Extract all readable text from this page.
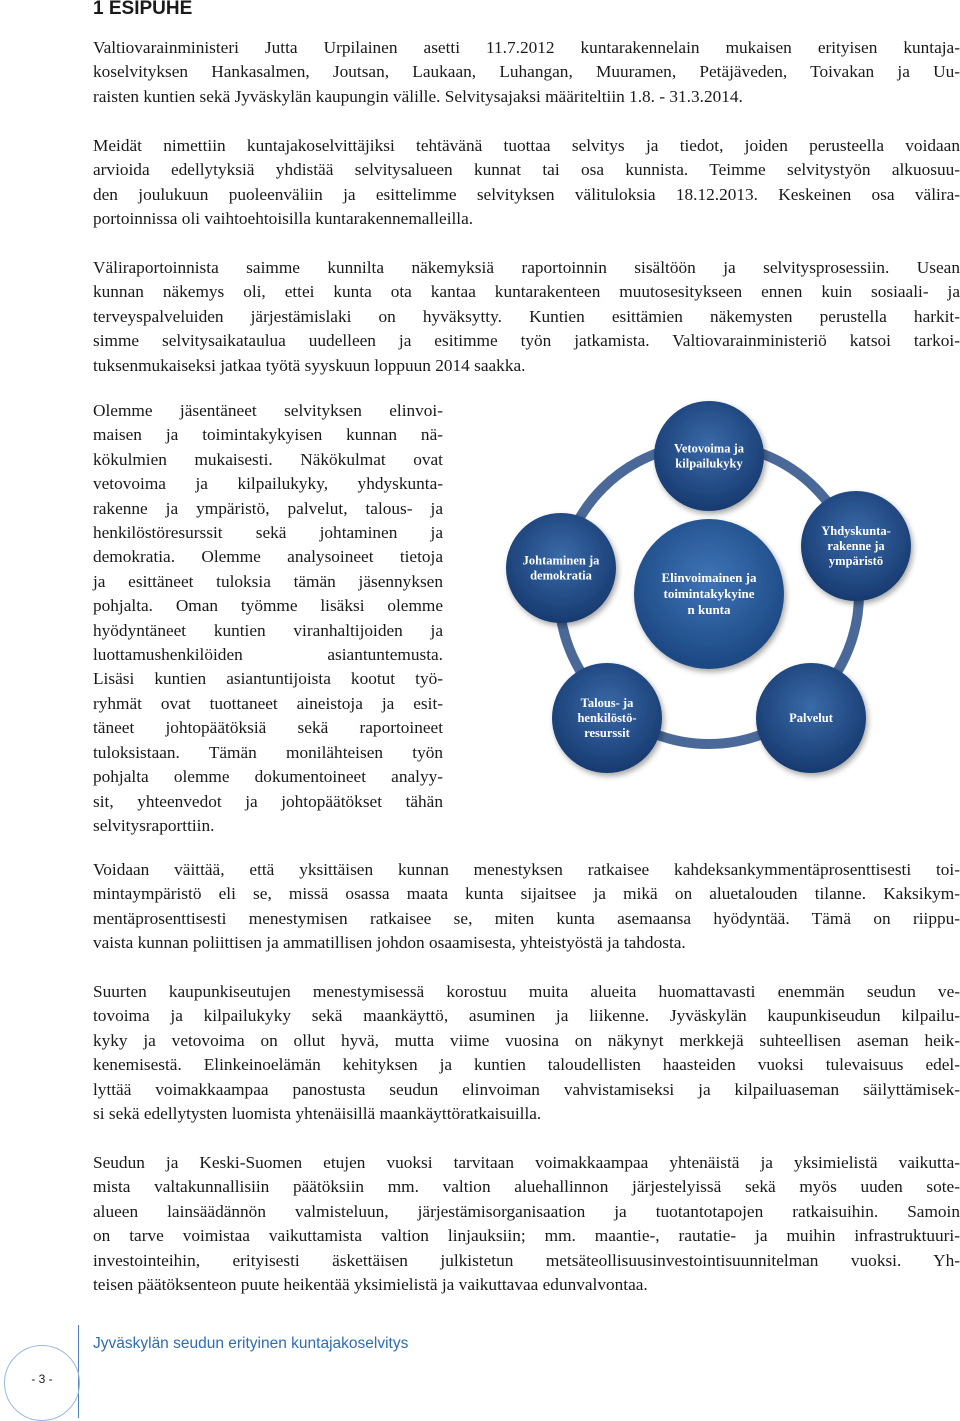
1 ESIPUHE

Valtiovarainministeri Jutta Urpilainen asetti 11.7.2012 kuntarakennelain mukaisen erityisen kuntaja-
koselvityksen Hankasalmen, Joutsan, Laukaan, Luhangan, Muuramen, Petäjäveden, Toivakan ja Uu-
raisten kuntien sekä Jyväskylän kaupungin välille. Selvitysajaksi määriteltiin 1.8. - 31.3.2014.

Meidät nimettiin kuntajakoselvittäjiksi tehtävänä tuottaa selvitys ja tiedot, joiden perusteella voidaan
arvioida edellytyksiä yhdistää selvitysalueen kunnat tai osa kunnista. Teimme selvitystyön alkuosuu-
den joulukuun puoleenväliin ja esittelimme selvityksen välituloksia 18.12.2013. Keskeinen osa välira-
portoinnissa oli vaihtoehtoisilla kuntarakennemalleilla.

Väliraportoinnista saimme kunnilta näkemyksiä raportoinnin sisältöön ja selvitysprosessiin. Usean
kunnan näkemys oli, ettei kunta ota kantaa kuntarakenteen muutosesitykseen ennen kuin sosiaali- ja
terveyspalveluiden järjestämislaki on hyväksytty. Kuntien esittämien näkemysten perustella harkit-
simme selvitysaikataulua uudelleen ja esitimme työn jatkamista. Valtiovarainministeriö katsoi tarkoi-
tuksenmukaiseksi jatkaa työtä syyskuun loppuun 2014 saakka.

Olemme jäsentäneet selvityksen elinvoi-
maisen ja toimintakykyisen kunnan nä-
kökulmien mukaisesti. Näkökulmat ovat
vetovoima ja kilpailukyky, yhdyskunta-
rakenne ja ympäristö, palvelut, talous- ja
henkilöstöresurssit sekä johtaminen ja
demokratia. Olemme analysoineet tietoja
ja esittäneet tuloksia tämän jäsennyksen
pohjalta. Oman työmme lisäksi olemme
hyödyntäneet kuntien viranhaltijoiden ja
luottamushenkilöiden asiantuntemusta.
Lisäsi kuntien asiantuntijoista kootut työ-
ryhmät ovat tuottaneet aineistoja ja esit-
täneet johtopäätöksiä sekä raportoineet
tuloksistaan. Tämän monilähteisen työn
pohjalta olemme dokumentoineet analyy-
sit, yhteenvedot ja johtopäätökset tähän
selvitysraporttiin.

Elinvoimainen ja toimintakykyine n kunta
Vetovoima ja kilpailukyky
Yhdyskunta-rakenne ja ympäristö
Palvelut
Talous- ja henkilöstö-resurssit
Johtaminen ja demokratia

Voidaan väittää, että yksittäisen kunnan menestyksen ratkaisee kahdeksankymmentäprosenttisesti toi-
mintaympäristö eli se, missä osassa maata kunta sijaitsee ja mikä on aluetalouden tilanne. Kaksikym-
mentäprosenttisesti menestymisen ratkaisee se, miten kunta asemaansa hyödyntää. Tämä on riippu-
vaista kunnan poliittisen ja ammatillisen johdon osaamisesta, yhteistyöstä ja tahdosta.

Suurten kaupunkiseutujen menestymisessä korostuu muita alueita huomattavasti enemmän seudun ve-
tovoima ja kilpailukyky sekä maankäyttö, asuminen ja liikenne. Jyväskylän kaupunkiseudun kilpailu-
kyky ja vetovoima on ollut hyvä, mutta viime vuosina on näkynyt merkkejä suhteellisen aseman heik-
kenemisestä. Elinkeinoelämän kehityksen ja kuntien taloudellisten haasteiden vuoksi tulevaisuus edel-
lyttää voimakkaampaa panostusta seudun elinvoiman vahvistamiseksi ja kilpailuaseman säilyttämisek-
si sekä edellytysten luomista yhtenäisillä maankäyttöratkaisuilla.

Seudun ja Keski-Suomen etujen vuoksi tarvitaan voimakkaampaa yhtenäistä ja yksimielistä vaikutta-
mista valtakunnallisiin päätöksiin mm. valtion aluehallinnon järjestelyissä sekä myös uuden sote-
alueen lainsäädännön valmisteluun, järjestämisorganisaation ja tuotantotapojen ratkaisuihin. Samoin
on tarve voimistaa vaikuttamista valtion linjauksiin; mm. maantie-, rautatie- ja muihin infrastruktuuri-
investointeihin, erityisesti äskettäisen julkistetun metsäteollisuusinvestointisuunnitelman vuoksi. Yh-
teisen päätöksenteon puute heikentää yksimielistä ja vaikuttavaa edunvalvontaa.

Jyväskylän seudun erityinen kuntajakoselvitys

- 3 -
